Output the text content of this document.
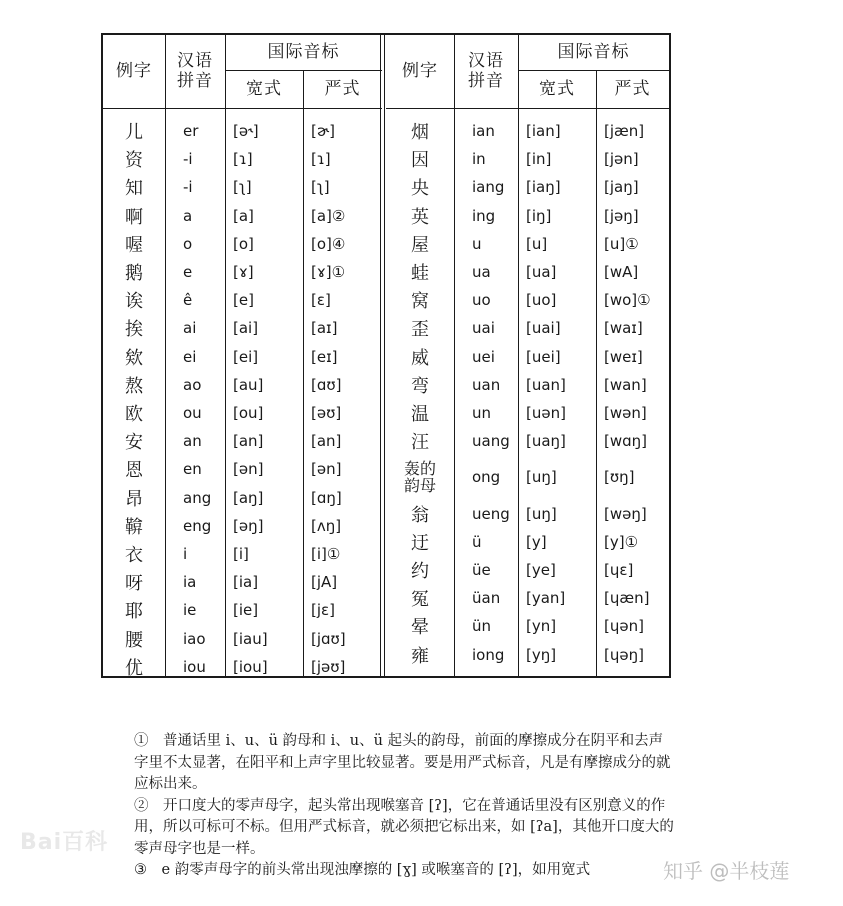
例字	汉语
拼音
国际音标
宽式	严式
儿	er	[ə˞]	[ɚ]
资	-i	[ɿ]	[ɿ]
知	-i	[ʅ]	[ʅ]
啊	a	[a]	[a]②
喔	o	[o]	[o]④
鹅	e	[ɤ]	[ɤ]①
诶	ê	[e]	[ɛ]
挨	ai	[ai]	[aɪ]
欸	ei	[ei]	[eɪ]
熬	ao	[au]	[ɑʊ]
欧	ou	[ou]	[əʊ]
安	an	[an]	[an]
恩	en	[ən]	[ən]
昂	ang	[aŋ]	[ɑŋ]
鞥	eng	[əŋ]	[ʌŋ]
衣	i	[i]	[i]①
呀	ia	[ia]	[jA]
耶	ie	[ie]	[jɛ]
腰	iao	[iau]	[jɑʊ]
优	iou	[iou]	[jəʊ]
例字	汉语
拼音
国际音标
宽式	严式
烟	ian	[ian]	[jæn]
因	in	[in]	[jən]
央	iang	[iaŋ]	[jaŋ]
英	ing	[iŋ]	[jəŋ]
屋	u	[u]	[u]①
蛙	ua	[ua]	[wA]
窝	uo	[uo]	[wo]①
歪	uai	[uai]	[waɪ]
威	uei	[uei]	[weɪ]
弯	uan	[uan]	[wan]
温	un	[uən]	[wən]
汪	uang	[uaŋ]	[wɑŋ]
轰的
韵母	ong	[uŋ]	[ʊŋ]
翁	ueng	[uŋ]	[wəŋ]
迂	ü	[y]	[y]①
约	üe	[ye]	[ɥɛ]
冤	üan	[yan]	[ɥæn]
晕	ün	[yn]	[ɥən]
雍	iong	[yŋ]	[ɥəŋ]

①　普通话里 i、u、ü 韵母和 i、u、ü 起头的韵母，前面的摩擦成分在阴平和去声字里不太显著，在阳平和上声字里比较显著。要是用严式标音，凡是有摩擦成分的就应标出来。

②　开口度大的零声母字，起头常出现喉塞音 [ʔ]，它在普通话里没有区别意义的作用，所以可标可不标。但用严式标音，就必须把它标出来，如 [ʔa]，其他开口度大的零声母字也是一样。

③　e 韵零声母字的前头常出现浊摩擦的 [ɣ] 或喉塞音的 [ʔ]，如用宽式

Bai百科
知乎 @半枝莲
